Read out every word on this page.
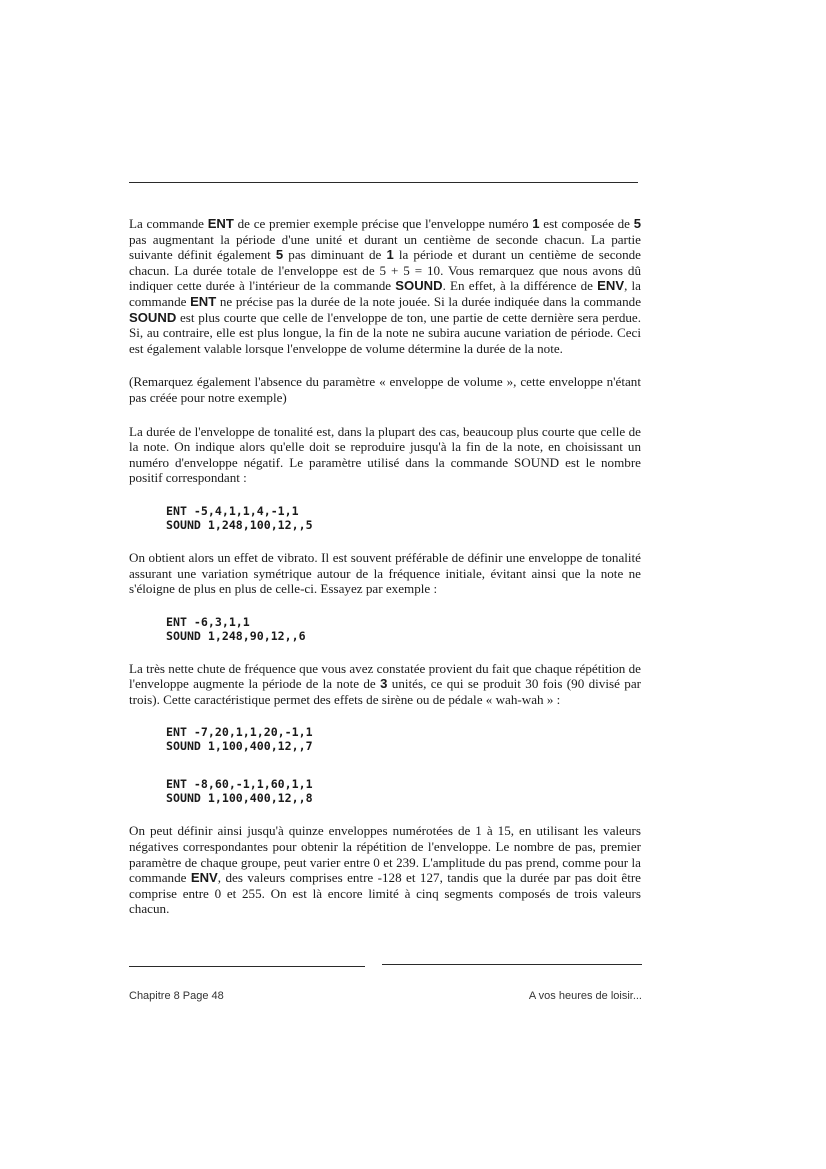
La commande ENT de ce premier exemple précise que l'enveloppe numéro 1 est composée de 5 pas augmentant la période d'une unité et durant un centième de seconde chacun. La partie suivante définit également 5 pas diminuant de 1 la période et durant un centième de seconde chacun. La durée totale de l'enveloppe est de 5 + 5 = 10. Vous remarquez que nous avons dû indiquer cette durée à l'intérieur de la commande SOUND. En effet, à la différence de ENV, la commande ENT ne précise pas la durée de la note jouée. Si la durée indiquée dans la commande SOUND est plus courte que celle de l'enveloppe de ton, une partie de cette dernière sera perdue. Si, au contraire, elle est plus longue, la fin de la note ne subira aucune variation de période. Ceci est également valable lorsque l'enveloppe de volume détermine la durée de la note.

(Remarquez également l'absence du paramètre « enveloppe de volume », cette enveloppe n'étant pas créée pour notre exemple)

La durée de l'enveloppe de tonalité est, dans la plupart des cas, beaucoup plus courte que celle de la note. On indique alors qu'elle doit se reproduire jusqu'à la fin de la note, en choisissant un numéro d'enveloppe négatif. Le paramètre utilisé dans la commande SOUND est le nombre positif correspondant :

ENT -5,4,1,1,4,-1,1
SOUND 1,248,100,12,,5

On obtient alors un effet de vibrato. Il est souvent préférable de définir une enveloppe de tonalité assurant une variation symétrique autour de la fréquence initiale, évitant ainsi que la note ne s'éloigne de plus en plus de celle-ci. Essayez par exemple :

ENT -6,3,1,1
SOUND 1,248,90,12,,6

La très nette chute de fréquence que vous avez constatée provient du fait que chaque répétition de l'enveloppe augmente la période de la note de 3 unités, ce qui se produit 30 fois (90 divisé par trois). Cette caractéristique permet des effets de sirène ou de pédale « wah-wah » :

ENT -7,20,1,1,20,-1,1
SOUND 1,100,400,12,,7
ENT -8,60,-1,1,60,1,1
SOUND 1,100,400,12,,8

On peut définir ainsi jusqu'à quinze enveloppes numérotées de 1 à 15, en utilisant les valeurs négatives correspondantes pour obtenir la répétition de l'enveloppe. Le nombre de pas, premier paramètre de chaque groupe, peut varier entre 0 et 239. L'amplitude du pas prend, comme pour la commande ENV, des valeurs comprises entre -128 et 127, tandis que la durée par pas doit être comprise entre 0 et 255. On est là encore limité à cinq segments composés de trois valeurs chacun.

Chapitre 8 Page 48	A vos heures de loisir...
